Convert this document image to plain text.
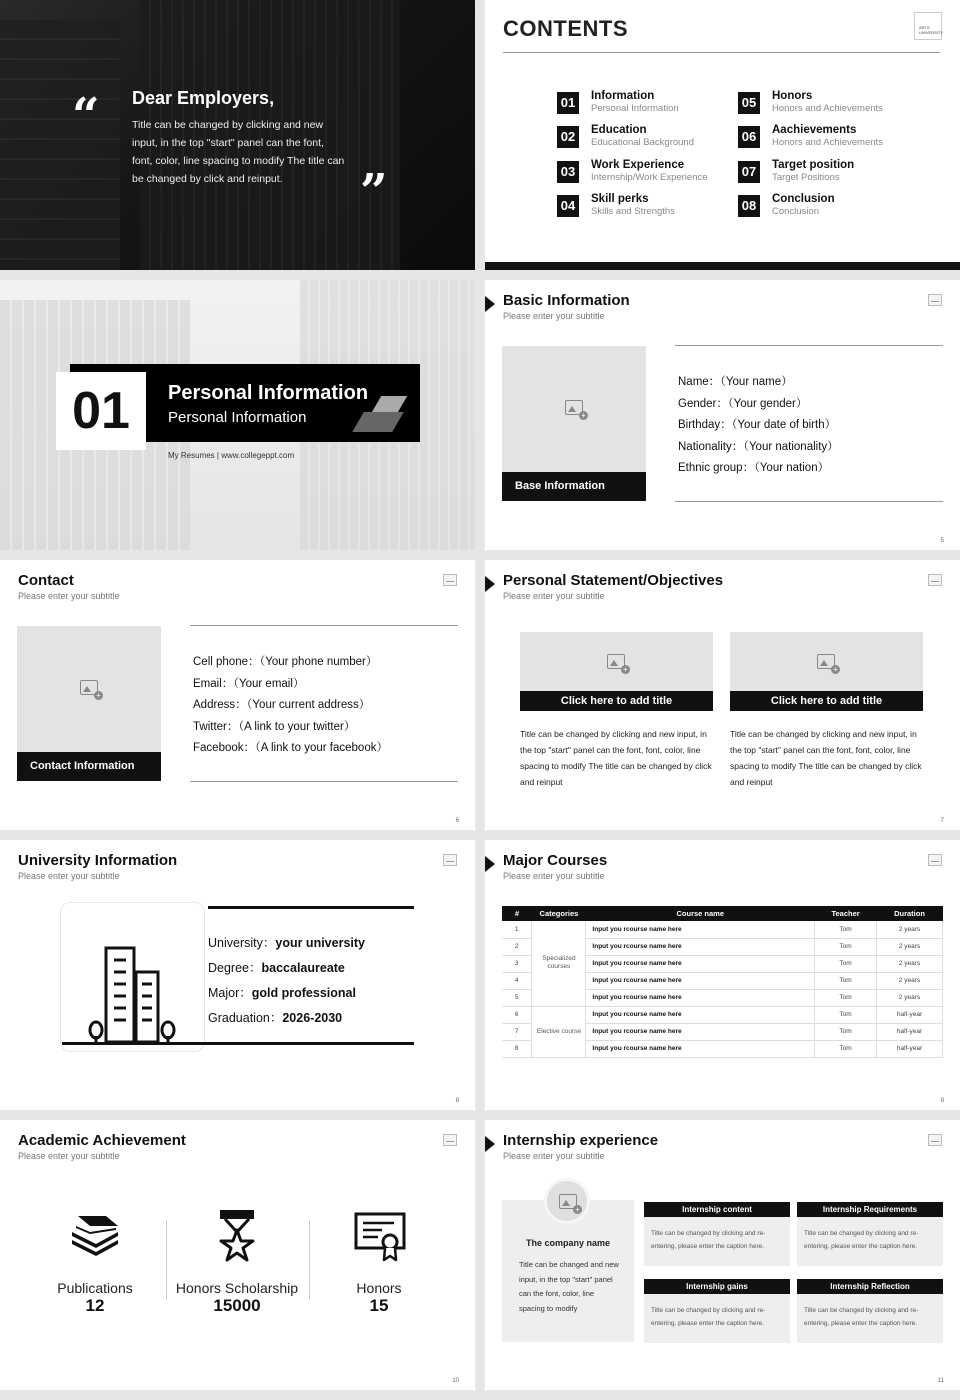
“ Dear Employers,
Title can be changed by clicking and new input, in the top "start" panel can the font, font, color, line spacing to modify The title can be changed by click and reinput.	”
CONTENTS	ARTS UNIVERSITY
01	Information
Personal Information
02	Education
Educational Background
03	Work Experience
Internship/Work Experience
04	Skill perks
Skills and Strengths
05	Honors
Honors and Achievements
06	Aachievements
Honors and Achievements
07	Target position
Target Positions
08	Conclusion
Conclusion
01	Personal Information
Personal Information
My Resumes | www.collegeppt.com
Basic Information
Please enter your subtitle
+
Base Information
Name：（Your name）
Gender：（Your gender）
Birthday：（Your date of birth）
Nationality：（Your nationality）
Ethnic group：（Your nation）
5
Contact
Please enter your subtitle
+
Contact Information
Cell phone：（Your phone number）
Email：（Your email）
Address：（Your current address）
Twitter：（A link to your twitter）
Facebook：（A link to your facebook）
6
Personal Statement/Objectives
Please enter your subtitle
+
Click here to add title
Title can be changed by clicking and new input, in the top "start" panel can the font, font, color, line spacing to modify The title can be changed by click and reinput
+
Click here to add title
Title can be changed by clicking and new input, in the top "start" panel can the font, font, color, line spacing to modify The title can be changed by click and reinput
7
University Information
Please enter your subtitle
University：your university
Degree：baccalaureate
Major：gold professional
Graduation：2026-2030
8
Major Courses
Please enter your subtitle
#	Categories	Course name	Teacher	Duration
1	Specialized courses	Input you rcourse name here	Tom	2 years
2		Input you rcourse name here	Tom	2 years
3		Input you rcourse name here	Tom	2 years
4		Input you rcourse name here	Tom	2 years
5		Input you rcourse name here	Tom	2 years
6	Elective course	Input you rcourse name here	Tom	half-year
7		Input you rcourse name here	Tom	half-year
8		Input you rcourse name here	Tom	half-year
9
Academic Achievement
Please enter your subtitle
Publications
12
Honors Scholarship
15000
Honors
15
10
Internship experience
Please enter your subtitle
+
The company name
Title can be changed and new input, in the top "start" panel can the font, color, line spacing to modify
Internship content
Title can be changed by clicking and re-entering, please enter the caption here.
Internship Requirements
Title can be changed by clicking and re-entering, please enter the caption here.
Internship gains
Title can be changed by clicking and re-entering, please enter the caption here.
Internship Reflection
Title can be changed by clicking and re-entering, please enter the caption here.
11
